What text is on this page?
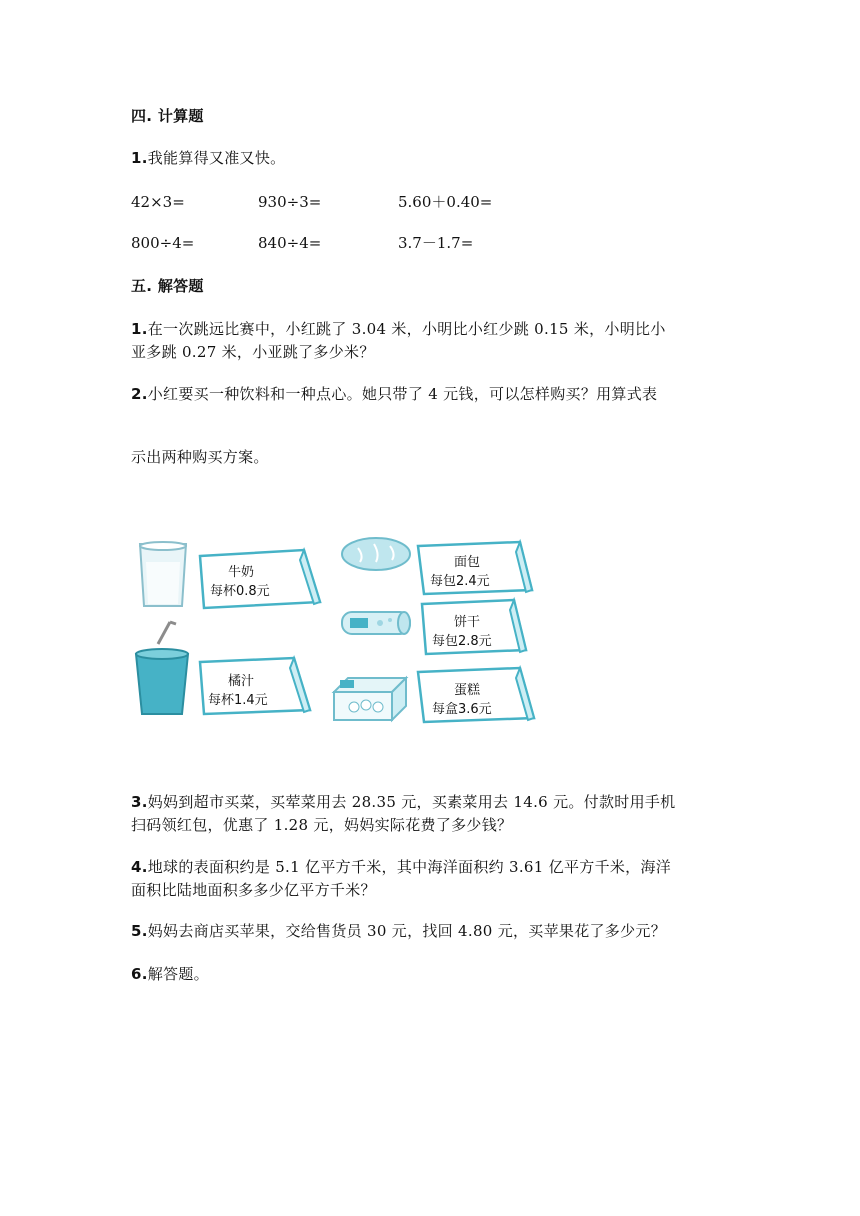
四. 计算题
1.我能算得又准又快。
42×3=	930÷3=	5.60＋0.40=
800÷4=	840÷4=	3.7－1.7=
五. 解答题
1.在一次跳远比赛中，小红跳了 3.04 米，小明比小红少跳 0.15 米，小明比小
亚多跳 0.27 米，小亚跳了多少米？
2.小红要买一种饮料和一种点心。她只带了 4 元钱，可以怎样购买？用算式表
示出两种购买方案。
牛奶
每杯0.8元
橘汁
每杯1.4元
面包
每包2.4元
饼干
每包2.8元
蛋糕
每盒3.6元
3.妈妈到超市买菜，买荤菜用去 28.35 元，买素菜用去 14.6 元。付款时用手机
扫码领红包，优惠了 1.28 元，妈妈实际花费了多少钱？
4.地球的表面积约是 5.1 亿平方千米，其中海洋面积约 3.61 亿平方千米，海洋
面积比陆地面积多多少亿平方千米？
5.妈妈去商店买苹果，交给售货员 30 元，找回 4.80 元，买苹果花了多少元？
6.解答题。
